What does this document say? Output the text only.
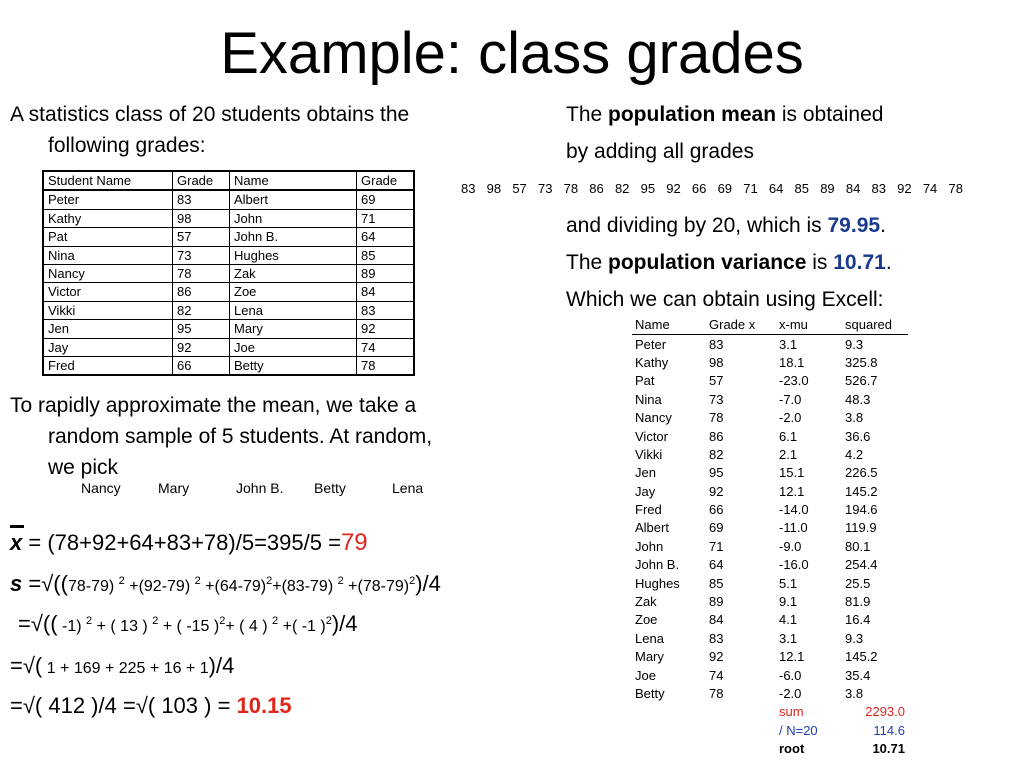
Example: class grades
A statistics class of 20 students obtains the
following grades:
Student Name	Grade	Name	Grade
Peter	83	Albert	69
Kathy	98	John	71
Pat	57	John B.	64
Nina	73	Hughes	85
Nancy	78	Zak	89
Victor	86	Zoe	84
Vikki	82	Lena	83
Jen	95	Mary	92
Jay	92	Joe	74
Fred	66	Betty	78
To rapidly approximate the mean, we take a
random sample of 5 students. At random,
we pick
Nancy	Mary	John B. Betty	Lena
x = (78+92+64+83+78)/5=395/5 =79
s =√((78-79) $^2$ +(92-79) $^2 +(64-79)^2+(83-79)$ $^2 +(78-79)^2)/4$
=√(( -1) $^2$ + ( 13 ) $^2$ + ( -15 )$^2$+ ( 4 ) $^2$ +( -1 )$^2$)/4
=√( 1 + 169 + 225 + 16 + 1)/4
=√( 412 )/4 =√( 103 ) = 10.15
The population mean is obtained
by adding all grades
83 98 57 73 78 86 82 95 92 66 69 71 64 85 89 84 83 92 74 78
and dividing by 20, which is 79.95.
The population variance is 10.71.
Which we can obtain using Excell:
Name	Grade x	x-mu	squared
Peter	83	3.1	9.3
Kathy	98	18.1	325.8
Pat	57	-23.0	526.7
Nina	73	-7.0	48.3
Nancy	78	-2.0	3.8
Victor	86	6.1	36.6
Vikki	82	2.1	4.2
Jen	95	15.1	226.5
Jay	92	12.1	145.2
Fred	66	-14.0	194.6
Albert	69	-11.0	119.9
John	71	-9.0	80.1
John B.	64	-16.0	254.4
Hughes	85	5.1	25.5
Zak	89	9.1	81.9
Zoe	84	4.1	16.4
Lena	83	3.1	9.3
Mary	92	12.1	145.2
Joe	74	-6.0	35.4
Betty	78	-2.0	3.8
		sum	2293.0
		/ N=20	114.6
		root	10.71
